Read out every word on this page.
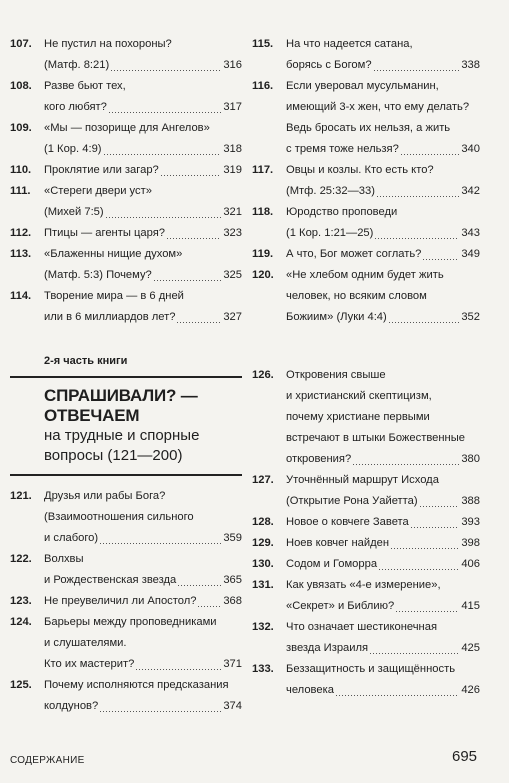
107. Не пустил на похороны?
(Матф. 8:21)	316
108. Разве бьют тех,
кого любят?	317
109. «Мы — позорище для Ангелов»
(1 Кор. 4:9)	318
110. Проклятие или загар?	319
111. «Стереги двери уст»
(Михей 7:5)	321
112. Птицы — агенты царя?	323
113. «Блаженны нищие духом»
(Матф. 5:3) Почему?	325
114. Творение мира — в 6 дней
или в 6 миллиардов лет?	327
2-я часть книги
СПРАШИВАЛИ? —
ОТВЕЧАЕМ
на трудные и спорные
вопросы (121—200)
121. Друзья или рабы Бога?
(Взаимоотношения сильного
и слабого)	359
122. Волхвы
и Рождественская звезда	365
123. Не преувеличил ли Апостол? 368
124. Барьеры между проповедниками
и слушателями.
Кто их мастерит?	371
125. Почему исполняются предсказания
колдунов?	374
115. На что надеется сатана,
борясь с Богом?	338
116. Если уверовал мусульманин,
имеющий 3-х жен, что ему делать?
Ведь бросать их нельзя, а жить
с тремя тоже нельзя?	340
117. Овцы и козлы. Кто есть кто?
(Мтф. 25:32—33)	342
118. Юродство проповеди
(1 Кор. 1:21—25)	343
119. А что, Бог может соглать?	349
120. «Не хлебом одним будет жить
человек, но всяким словом
Божиим» (Луки 4:4)	352
126. Откровения свыше
и христианский скептицизм,
почему христиане первыми
встречают в штыки Божественные
откровения?	380
127. Уточнённый маршрут Исхода
(Открытие Рона Уайетта)	388
128. Новое о ковчеге Завета	393
129. Ноев ковчег найден	398
130. Содом и Гоморра	406
131. Как увязать «4-е измерение»,
«Секрет» и Библию?	415
132. Что означает шестиконечная
звезда Израиля	425
133. Беззащитность и защищённость
человека	426
СОДЕРЖАНИЕ	695
